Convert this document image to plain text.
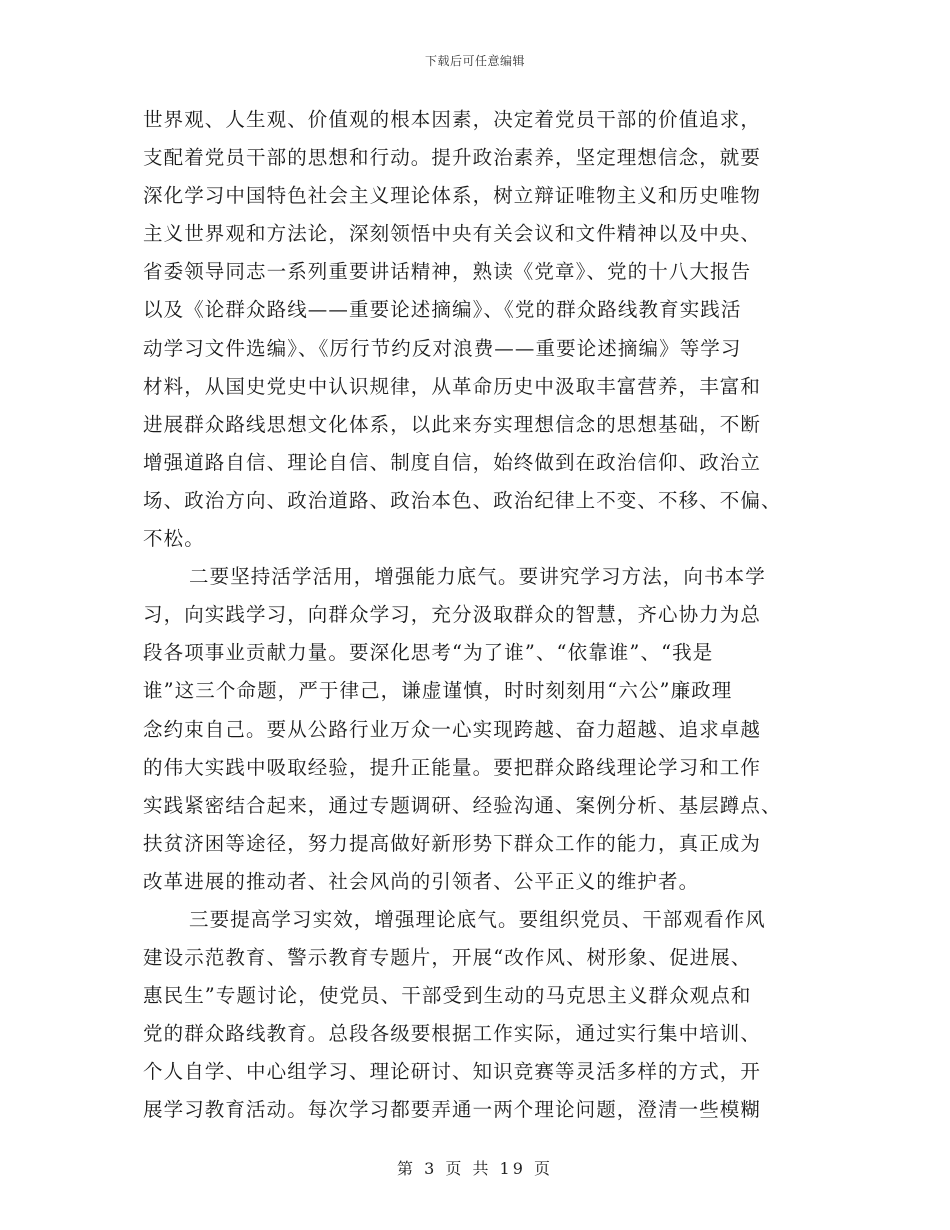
下载后可任意编辑
世界观、人生观、价值观的根本因素，决定着党员干部的价值追求，
支配着党员干部的思想和行动。提升政治素养，坚定理想信念，就要
深化学习中国特色社会主义理论体系，树立辩证唯物主义和历史唯物
主义世界观和方法论，深刻领悟中央有关会议和文件精神以及中央、
省委领导同志一系列重要讲话精神，熟读《党章》、党的十八大报告
以及《论群众路线——重要论述摘编》、《党的群众路线教育实践活
动学习文件选编》、《厉行节约反对浪费——重要论述摘编》等学习
材料，从国史党史中认识规律，从革命历史中汲取丰富营养，丰富和
进展群众路线思想文化体系，以此来夯实理想信念的思想基础，不断
增强道路自信、理论自信、制度自信，始终做到在政治信仰、政治立
场、政治方向、政治道路、政治本色、政治纪律上不变、不移、不偏、
不松。
二要坚持活学活用，增强能力底气。要讲究学习方法，向书本学
习，向实践学习，向群众学习，充分汲取群众的智慧，齐心协力为总
段各项事业贡献力量。要深化思考“为了谁”、“依靠谁”、“我是
谁”这三个命题，严于律己，谦虚谨慎，时时刻刻用“六公”廉政理
念约束自己。要从公路行业万众一心实现跨越、奋力超越、追求卓越
的伟大实践中吸取经验，提升正能量。要把群众路线理论学习和工作
实践紧密结合起来，通过专题调研、经验沟通、案例分析、基层蹲点、
扶贫济困等途径，努力提高做好新形势下群众工作的能力，真正成为
改革进展的推动者、社会风尚的引领者、公平正义的维护者。
三要提高学习实效，增强理论底气。要组织党员、干部观看作风
建设示范教育、警示教育专题片，开展“改作风、树形象、促进展、
惠民生”专题讨论，使党员、干部受到生动的马克思主义群众观点和
党的群众路线教育。总段各级要根据工作实际，通过实行集中培训、
个人自学、中心组学习、理论研讨、知识竞赛等灵活多样的方式，开
展学习教育活动。每次学习都要弄通一两个理论问题，澄清一些模糊
第 3 页 共 19 页
